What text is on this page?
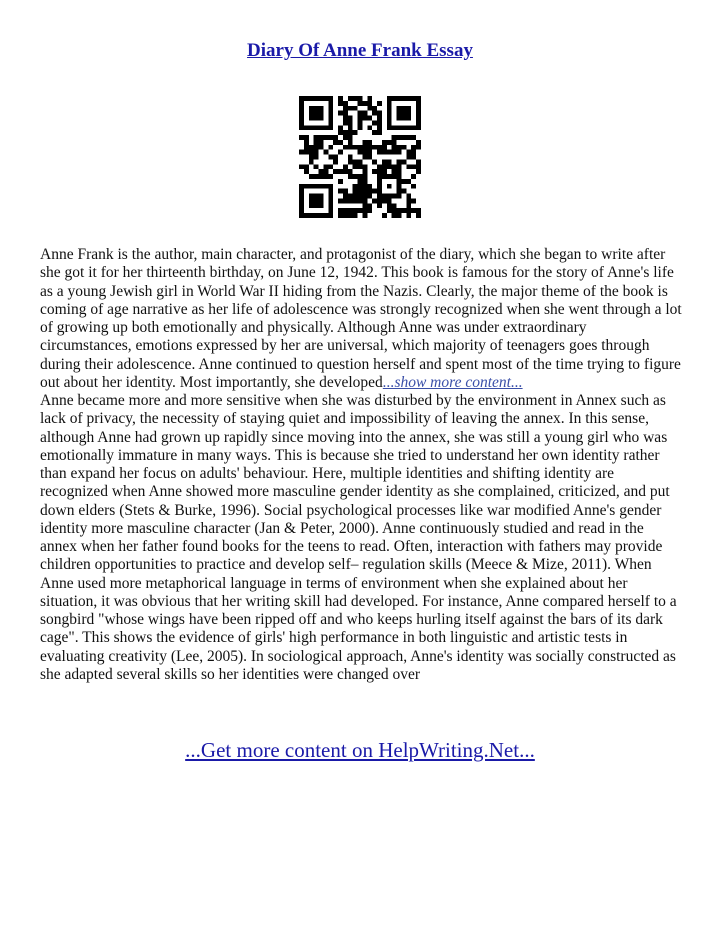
Diary Of Anne Frank Essay
Anne Frank is the author, main character, and protagonist of the diary, which she began to write after she got it for her thirteenth birthday, on June 12, 1942. This book is famous for the story of Anne's life as a young Jewish girl in World War II hiding from the Nazis. Clearly, the major theme of the book is coming of age narrative as her life of adolescence was strongly recognized when she went through a lot of growing up both emotionally and physically. Although Anne was under extraordinary circumstances, emotions expressed by her are universal, which majority of teenagers goes through during their adolescence. Anne continued to question herself and spent most of the time trying to figure out about her identity. Most importantly, she developed...show more content...
Anne became more and more sensitive when she was disturbed by the environment in Annex such as lack of privacy, the necessity of staying quiet and impossibility of leaving the annex. In this sense, although Anne had grown up rapidly since moving into the annex, she was still a young girl who was emotionally immature in many ways. This is because she tried to understand her own identity rather than expand her focus on adults' behaviour. Here, multiple identities and shifting identity are recognized when Anne showed more masculine gender identity as she complained, criticized, and put down elders (Stets & Burke, 1996). Social psychological processes like war modified Anne's gender identity more masculine character (Jan & Peter, 2000). Anne continuously studied and read in the annex when her father found books for the teens to read. Often, interaction with fathers may provide children opportunities to practice and develop self– regulation skills (Meece & Mize, 2011). When Anne used more metaphorical language in terms of environment when she explained about her situation, it was obvious that her writing skill had developed. For instance, Anne compared herself to a songbird "whose wings have been ripped off and who keeps hurling itself against the bars of its dark cage". This shows the evidence of girls' high performance in both linguistic and artistic tests in evaluating creativity (Lee, 2005). In sociological approach, Anne's identity was socially constructed as she adapted several skills so her identities were changed over
...Get more content on HelpWriting.Net...
